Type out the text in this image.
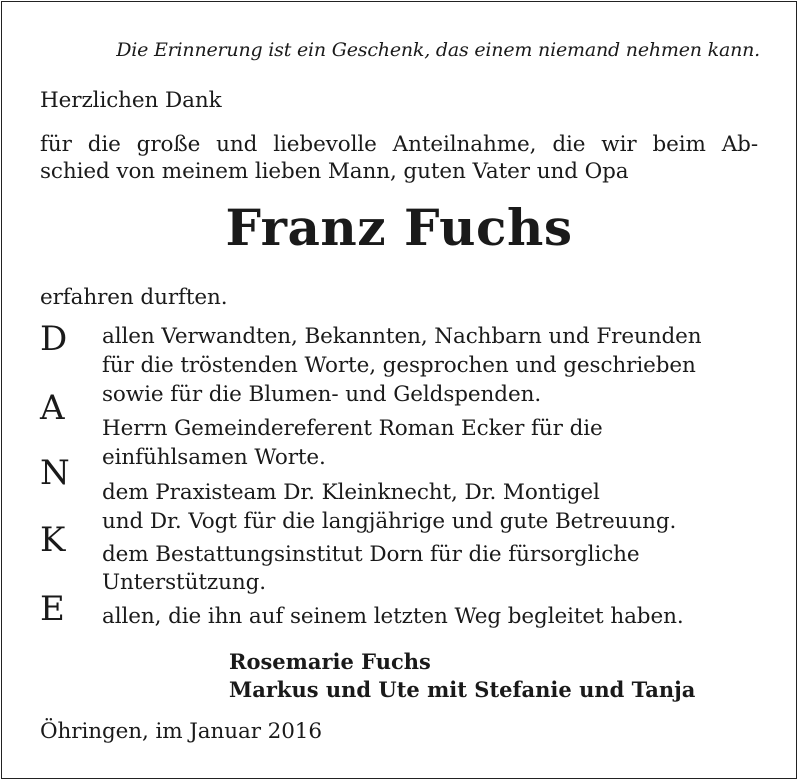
Die Erinnerung ist ein Geschenk, das einem niemand nehmen kann.
Herzlichen Dank
für die große und liebevolle Anteilnahme, die wir beim Ab-
schied von meinem lieben Mann, guten Vater und Opa
Franz Fuchs
erfahren durften.
D
A
N
K
E
allen Verwandten, Bekannten, Nachbarn und Freunden
für die tröstenden Worte, gesprochen und geschrieben
sowie für die Blumen- und Geldspenden.
Herrn Gemeindereferent Roman Ecker für die
einfühlsamen Worte.
dem Praxisteam Dr. Kleinknecht, Dr. Montigel
und Dr. Vogt für die langjährige und gute Betreuung.
dem Bestattungsinstitut Dorn für die fürsorgliche
Unterstützung.
allen, die ihn auf seinem letzten Weg begleitet haben.
Rosemarie Fuchs
Markus und Ute mit Stefanie und Tanja
Öhringen, im Januar 2016
